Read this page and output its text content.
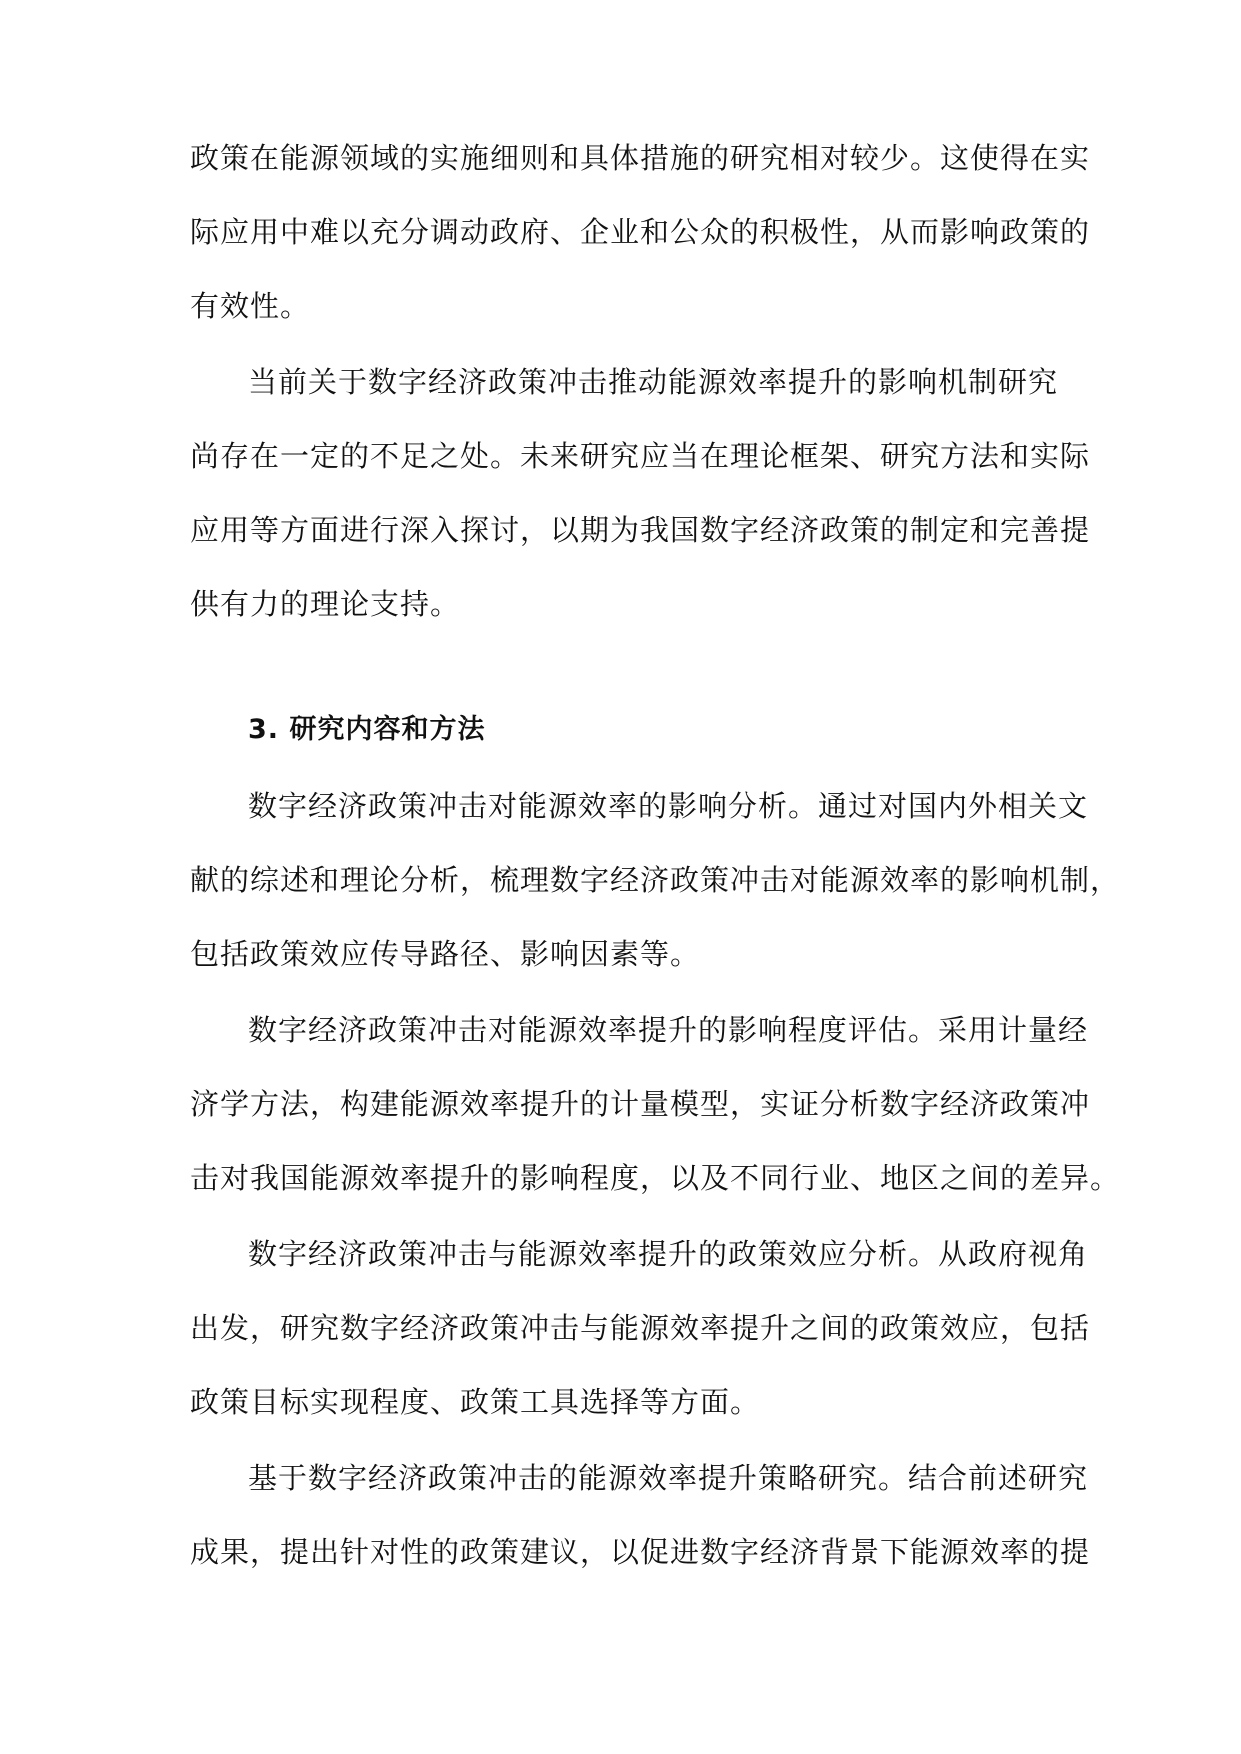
政策在能源领域的实施细则和具体措施的研究相对较少。这使得在实
际应用中难以充分调动政府、企业和公众的积极性，从而影响政策的
有效性。
当前关于数字经济政策冲击推动能源效率提升的影响机制研究
尚存在一定的不足之处。未来研究应当在理论框架、研究方法和实际
应用等方面进行深入探讨，以期为我国数字经济政策的制定和完善提
供有力的理论支持。
3. 研究内容和方法
数字经济政策冲击对能源效率的影响分析。通过对国内外相关文
献的综述和理论分析，梳理数字经济政策冲击对能源效率的影响机制，
包括政策效应传导路径、影响因素等。
数字经济政策冲击对能源效率提升的影响程度评估。采用计量经
济学方法，构建能源效率提升的计量模型，实证分析数字经济政策冲
击对我国能源效率提升的影响程度，以及不同行业、地区之间的差异。
数字经济政策冲击与能源效率提升的政策效应分析。从政府视角
出发，研究数字经济政策冲击与能源效率提升之间的政策效应，包括
政策目标实现程度、政策工具选择等方面。
基于数字经济政策冲击的能源效率提升策略研究。结合前述研究
成果，提出针对性的政策建议，以促进数字经济背景下能源效率的提
